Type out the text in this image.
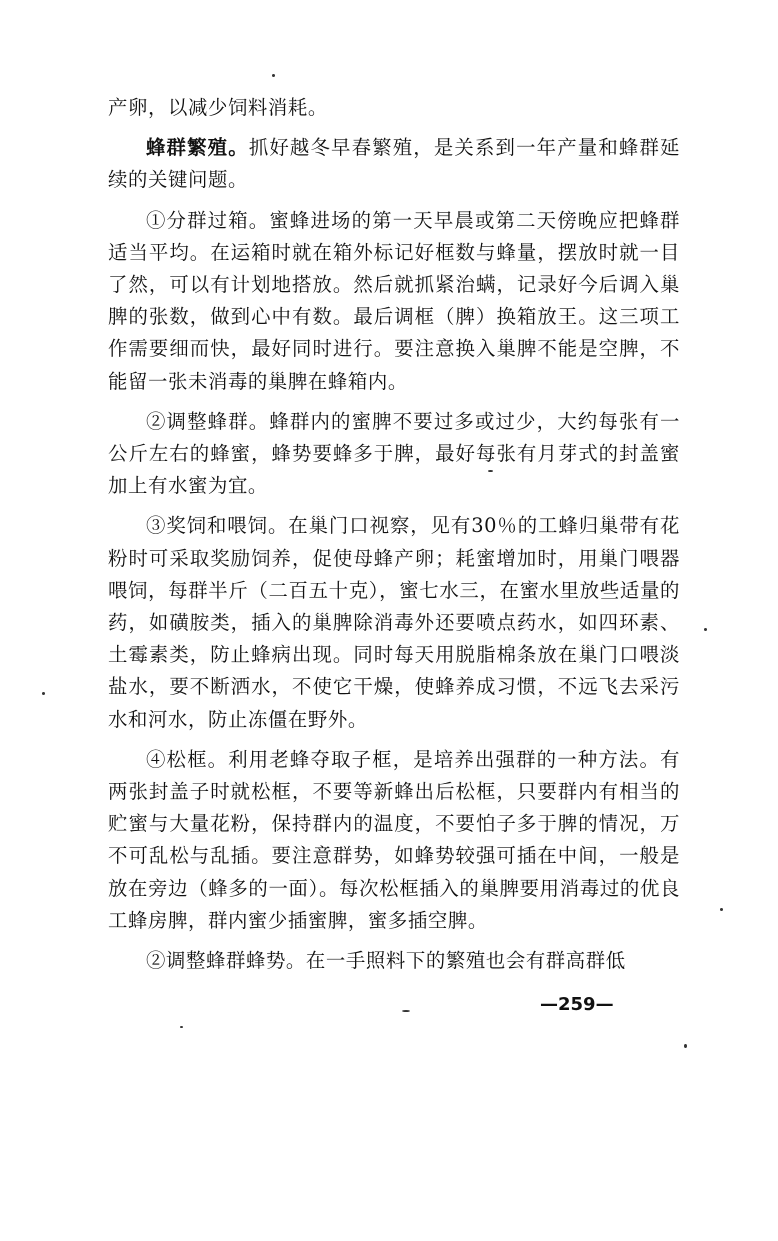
产卵，以减少饲料消耗。

蜂群繁殖。抓好越冬早春繁殖，是关系到一年产量和蜂群延续的关键问题。

①分群过箱。蜜蜂进场的第一天早晨或第二天傍晚应把蜂群适当平均。在运箱时就在箱外标记好框数与蜂量，摆放时就一目了然，可以有计划地搭放。然后就抓紧治螨，记录好今后调入巢脾的张数，做到心中有数。最后调框（脾）换箱放王。这三项工作需要细而快，最好同时进行。要注意换入巢脾不能是空脾，不能留一张未消毒的巢脾在蜂箱内。

②调整蜂群。蜂群内的蜜脾不要过多或过少，大约每张有一公斤左右的蜂蜜，蜂势要蜂多于脾，最好每张有月芽式的封盖蜜加上有水蜜为宜。

③奖饲和喂饲。在巢门口视察，见有30％的工蜂归巢带有花粉时可采取奖励饲养，促使母蜂产卵；耗蜜增加时，用巢门喂器喂饲，每群半斤（二百五十克），蜜七水三，在蜜水里放些适量的药，如磺胺类，插入的巢脾除消毒外还要喷点药水，如四环素、土霉素类，防止蜂病出现。同时每天用脱脂棉条放在巢门口喂淡盐水，要不断洒水，不使它干燥，使蜂养成习惯，不远飞去采污水和河水，防止冻僵在野外。

④松框。利用老蜂夺取子框，是培养出强群的一种方法。有两张封盖子时就松框，不要等新蜂出后松框，只要群内有相当的贮蜜与大量花粉，保持群内的温度，不要怕子多于脾的情况，万不可乱松与乱插。要注意群势，如蜂势较强可插在中间，一般是放在旁边（蜂多的一面）。每次松框插入的巢脾要用消毒过的优良工蜂房脾，群内蜜少插蜜脾，蜜多插空脾。

②调整蜂群蜂势。在一手照料下的繁殖也会有群高群低

—259—
